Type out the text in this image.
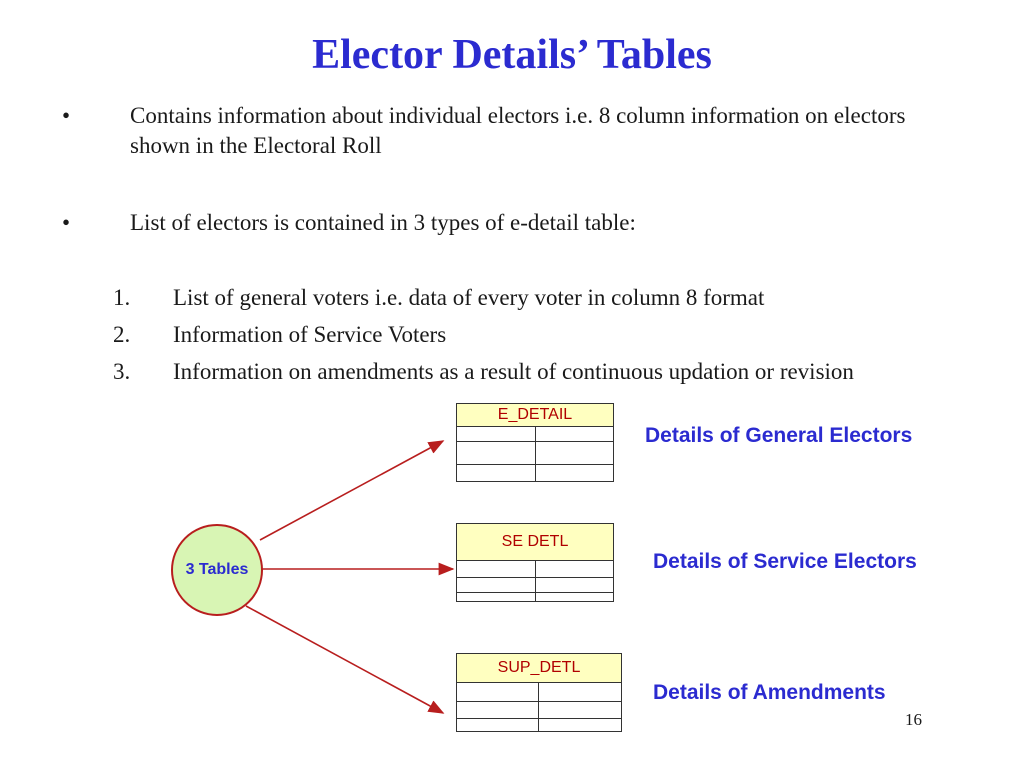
Elector Details’ Tables
•	Contains information about individual electors i.e. 8 column information on electors shown in the Electoral Roll
•	List of electors is contained in 3 types of e-detail table:
1. List of general voters i.e. data of every voter in column 8 format
2. Information of Service Voters
3. Information on amendments as a result of continuous updation or revision
3 Tables
E_DETAIL	

Details of General Electors
SE DETL	

Details of Service Electors
SUP_DETL	

Details of Amendments
16
